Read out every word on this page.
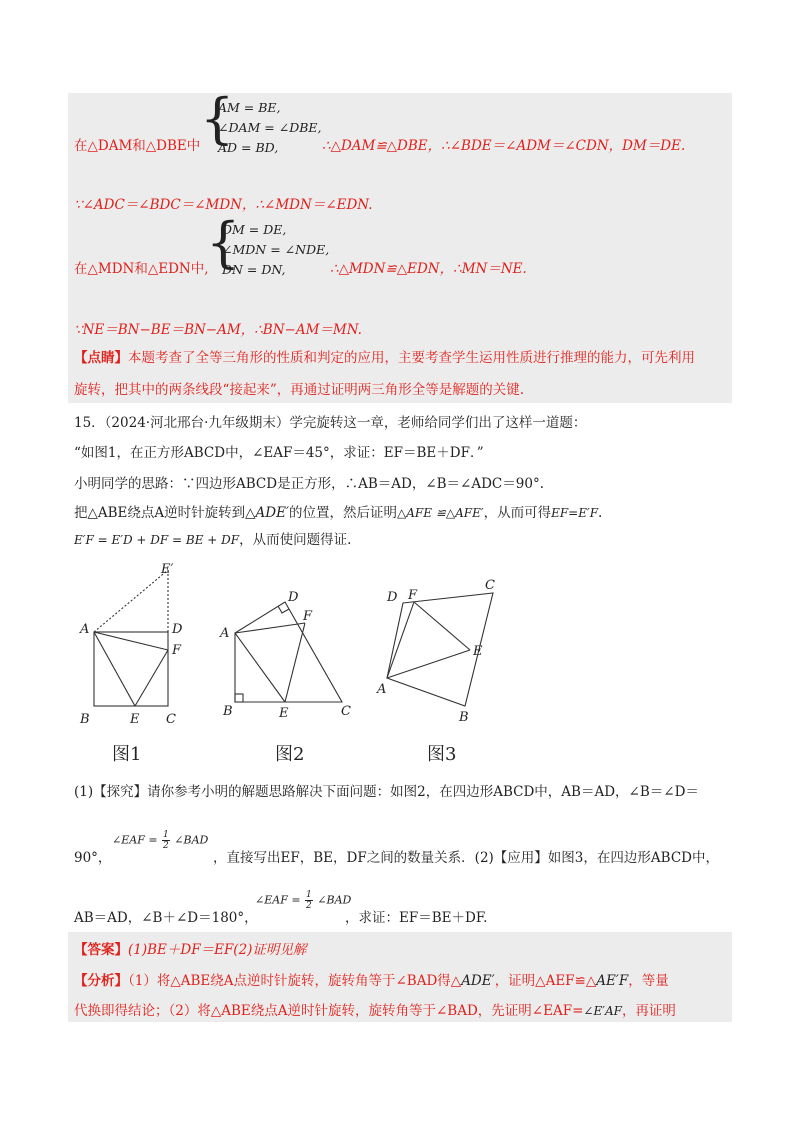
在△DAM和△DBE中 {
AM = BE,
∠DAM = ∠DBE,
AD = BD,	∴△DAM≌△DBE，∴∠BDE＝∠ADM＝∠CDN，DM＝DE.
∵∠ADC＝∠BDC＝∠MDN，∴∠MDN＝∠EDN.
在△MDN和△EDN中,
{
DM = DE,
∠MDN = ∠NDE,
DN = DN,	∴△MDN≌△EDN，∴MN＝NE.
∵NE＝BN−BE＝BN−AM，∴BN−AM＝MN.
【点睛】本题考查了全等三角形的性质和判定的应用，主要考查学生运用性质进行推理的能力，可先利用
旋转，把其中的两条线段“接起来”，再通过证明两三角形全等是解题的关键.
15．（2024·河北邢台·九年级期末）学完旋转这一章，老师给同学们出了这样一道题：
“如图1，在正方形ABCD中，∠EAF＝45°，求证：EF＝BE＋DF．”
小明同学的思路：∵四边形ABCD是正方形，∴AB＝AD，∠B＝∠ADC＝90°.
把△ABE绕点A逆时针旋转到△ADE′的位置，然后证明△AFE ≌△AFE′，从而可得EF=E′F.
E′F = E′D + DF = BE + DF，从而使问题得证.
E′
A	D
F
B	E C
图1
D
A
F
B	E	C
图2
D F
C
E
A
B
图3
(1)【探究】请你参考小明的解题思路解决下面问题：如图2，在四边形ABCD中，AB＝AD，∠B＝∠D＝
90°，
∠EAF = $\frac{1}{2}$ ∠BAD
，直接写出EF，BE，DF之间的数量关系．(2)【应用】如图3，在四边形ABCD中，
AB＝AD，∠B＋∠D＝180°，
∠EAF = $\frac{1}{2}$ ∠BAD
，求证：EF＝BE＋DF.
【答案】(1)BE＋DF＝EF(2)证明见解
【分析】（1）将△ABE绕A点逆时针旋转，旋转角等于∠BAD得△ADE′，证明△AEF≌△AE′F，等量
代换即得结论；（2）将△ABE绕点A逆时针旋转，旋转角等于∠BAD，先证明∠EAF=∠E′AF，再证明
